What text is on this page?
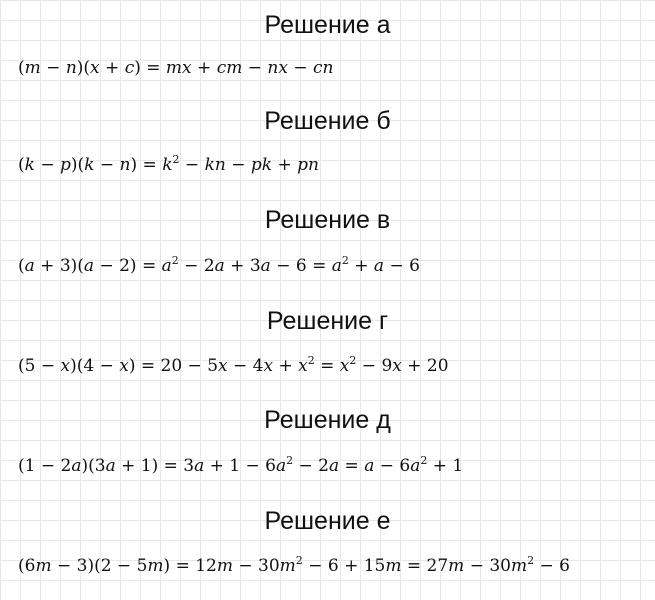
Решение а
(m − n)(x + c) = mx + cm − nx − cn
Решение б
$(k - p)(k - n) = k^2$ − kn − pk + pn
Решение в
$(a + 3)(a - 2) = a^2 - 2a + 3a - 6 = a^2 + a - 6$
Решение г
$(5 - x)(4 - x) = 20 - 5x - 4x + x^2 = x^2 - 9x + 20$
Решение д
$(1 - 2a)(3a + 1) = 3a + 1 - 6a^2 - 2a = a - 6a^2 + 1$
Решение е
$(6m - 3)(2 - 5m) = 12m - 30m^2 - 6 + 15m = 27m - 30m^2 - 6$
